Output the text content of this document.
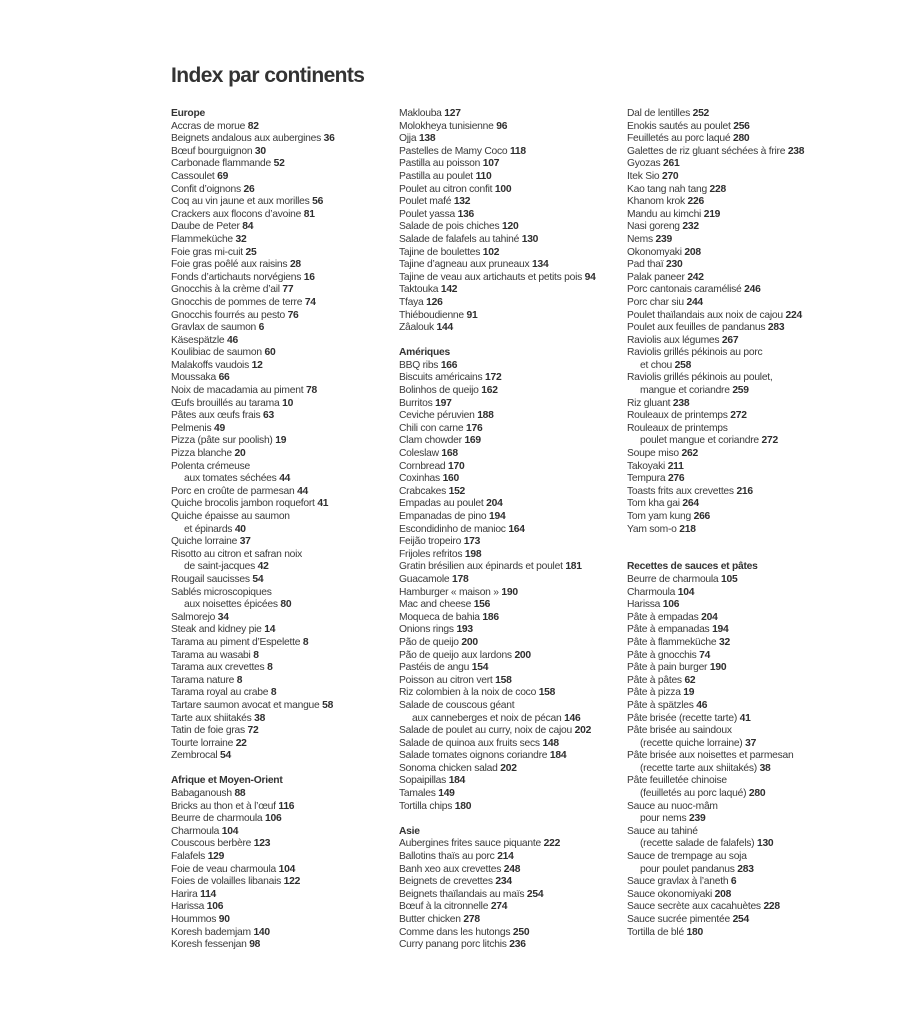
Index par continents
Europe
Accras de morue 82
Beignets andalous aux aubergines 36
Bœuf bourguignon 30
Carbonade flammande 52
Cassoulet 69
Confit d’oignons 26
Coq au vin jaune et aux morilles 56
Crackers aux flocons d’avoine 81
Daube de Peter 84
Flammeküche 32
Foie gras mi-cuit 25
Foie gras poêlé aux raisins 28
Fonds d’artichauts norvégiens 16
Gnocchis à la crème d’ail 77
Gnocchis de pommes de terre 74
Gnocchis fourrés au pesto 76
Gravlax de saumon 6
Käsespätzle 46
Koulibiac de saumon 60
Malakoffs vaudois 12
Moussaka 66
Noix de macadamia au piment 78
Œufs brouillés au tarama 10
Pâtes aux œufs frais 63
Pelmenis 49
Pizza (pâte sur poolish) 19
Pizza blanche 20
Polenta crémeuse
aux tomates séchées 44
Porc en croûte de parmesan 44
Quiche brocolis jambon roquefort 41
Quiche épaisse au saumon
et épinards 40
Quiche lorraine 37
Risotto au citron et safran noix
de saint-jacques 42
Rougail saucisses 54
Sablés microscopiques
aux noisettes épicées 80
Salmorejo 34
Steak and kidney pie 14
Tarama au piment d’Espelette 8
Tarama au wasabi 8
Tarama aux crevettes 8
Tarama nature 8
Tarama royal au crabe 8
Tartare saumon avocat et mangue 58
Tarte aux shiitakés 38
Tatin de foie gras 72
Tourte lorraine 22
Zembrocal 54
Afrique et Moyen-Orient
Babaganoush 88
Bricks au thon et à l’œuf 116
Beurre de charmoula 106
Charmoula 104
Couscous berbère 123
Falafels 129
Foie de veau charmoula 104
Foies de volailles libanais 122
Harira 114
Harissa 106
Hoummos 90
Koresh bademjam 140
Koresh fessenjan 98
Maklouba 127
Molokheya tunisienne 96
Ojja 138
Pastelles de Mamy Coco 118
Pastilla au poisson 107
Pastilla au poulet 110
Poulet au citron confit 100
Poulet mafé 132
Poulet yassa 136
Salade de pois chiches 120
Salade de falafels au tahiné 130
Tajine de boulettes 102
Tajine d’agneau aux pruneaux 134
Tajine de veau aux artichauts et petits pois 94
Taktouka 142
Tfaya 126
Thiéboudienne 91
Zâalouk 144
Amériques
BBQ ribs 166
Biscuits américains 172
Bolinhos de queijo 162
Burritos 197
Ceviche péruvien 188
Chili con carne 176
Clam chowder 169
Coleslaw 168
Cornbread 170
Coxinhas 160
Crabcakes 152
Empadas au poulet 204
Empanadas de pino 194
Escondidinho de manioc 164
Feijão tropeiro 173
Frijoles refritos 198
Gratin brésilien aux épinards et poulet 181
Guacamole 178
Hamburger « maison » 190
Mac and cheese 156
Moqueca de bahia 186
Onions rings 193
Pão de queijo 200
Pão de queijo aux lardons 200
Pastéis de angu 154
Poisson au citron vert 158
Riz colombien à la noix de coco 158
Salade de couscous géant
aux canneberges et noix de pécan 146
Salade de poulet au curry, noix de cajou 202
Salade de quinoa aux fruits secs 148
Salade tomates oignons coriandre 184
Sonoma chicken salad 202
Sopaipillas 184
Tamales 149
Tortilla chips 180
Asie
Aubergines frites sauce piquante 222
Ballotins thaïs au porc 214
Banh xeo aux crevettes 248
Beignets de crevettes 234
Beignets thaïlandais au maïs 254
Bœuf à la citronnelle 274
Butter chicken 278
Comme dans les hutongs 250
Curry panang porc litchis 236
Dal de lentilles 252
Enokis sautés au poulet 256
Feuilletés au porc laqué 280
Galettes de riz gluant séchées à frire 238
Gyozas 261
Itek Sio 270
Kao tang nah tang 228
Khanom krok 226
Mandu au kimchi 219
Nasi goreng 232
Nems 239
Okonomyaki 208
Pad thaï 230
Palak paneer 242
Porc cantonais caramélisé 246
Porc char siu 244
Poulet thaïlandais aux noix de cajou 224
Poulet aux feuilles de pandanus 283
Raviolis aux légumes 267
Raviolis grillés pékinois au porc
et chou 258
Raviolis grillés pékinois au poulet,
mangue et coriandre 259
Riz gluant 238
Rouleaux de printemps 272
Rouleaux de printemps
poulet mangue et coriandre 272
Soupe miso 262
Takoyaki 211
Tempura 276
Toasts frits aux crevettes 216
Tom kha gai 264
Tom yam kung 266
Yam som-o 218
Recettes de sauces et pâtes
Beurre de charmoula 105
Charmoula 104
Harissa 106
Pâte à empadas 204
Pâte à empanadas 194
Pâte à flammeküche 32
Pâte à gnocchis 74
Pâte à pain burger 190
Pâte à pâtes 62
Pâte à pizza 19
Pâte à spätzles 46
Pâte brisée (recette tarte) 41
Pâte brisée au saindoux
(recette quiche lorraine) 37
Pâte brisée aux noisettes et parmesan
(recette tarte aux shiitakés) 38
Pâte feuilletée chinoise
(feuilletés au porc laqué) 280
Sauce au nuoc-mâm
pour nems 239
Sauce au tahiné
(recette salade de falafels) 130
Sauce de trempage au soja
pour poulet pandanus 283
Sauce gravlax à l’aneth 6
Sauce okonomiyaki 208
Sauce secrète aux cacahuètes 228
Sauce sucrée pimentée 254
Tortilla de blé 180
